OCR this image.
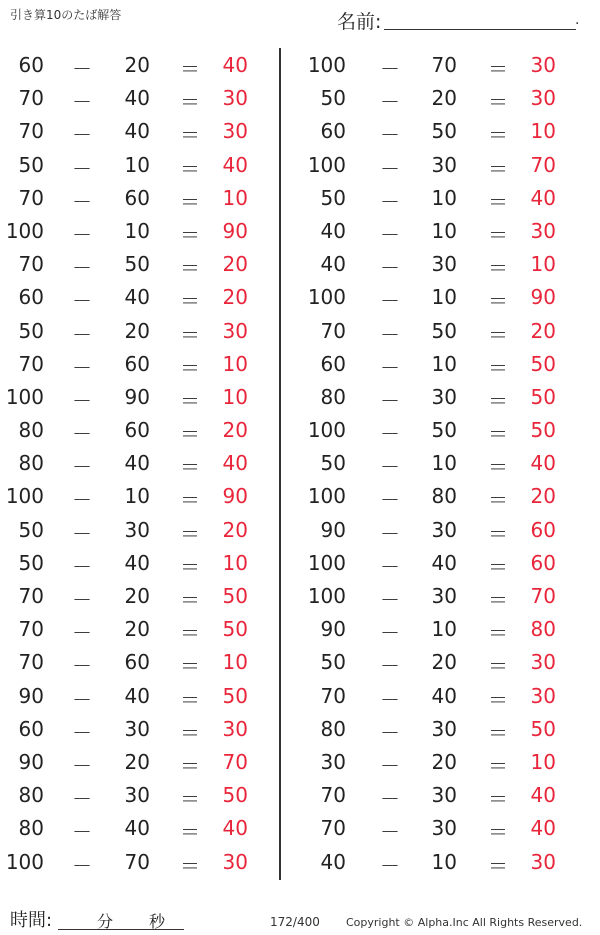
引き算10のたば解答	名前:	.
60 －	20 ＝	40
70 －	40 ＝	30
70 －	40 ＝	30
50 －	10 ＝	40
70 －	60 ＝	10
100 －	10 ＝	90
70 －	50 ＝	20
60 －	40 ＝	20
50 －	20 ＝	30
70 －	60 ＝	10
100 －	90 ＝	10
80 －	60 ＝	20
80 －	40 ＝	40
100 －	10 ＝	90
50 －	30 ＝	20
50 －	40 ＝	10
70 －	20 ＝	50
70 －	20 ＝	50
70 －	60 ＝	10
90 －	40 ＝	50
60 －	30 ＝	30
90 －	20 ＝	70
80 －	30 ＝	50
80 －	40 ＝	40
100 －	70 ＝	30
100 －	70 ＝	30
50 －	20 ＝	30
60 －	50 ＝	10
100 －	30 ＝	70
50 －	10 ＝	40
40 －	10 ＝	30
40 －	30 ＝	10
100 －	10 ＝	90
70 －	50 ＝	20
60 －	10 ＝	50
80 －	30 ＝	50
100 －	50 ＝	50
50 －	10 ＝	40
100 －	80 ＝	20
90 －	30 ＝	60
100 －	40 ＝	60
100 －	30 ＝	70
90 －	10 ＝	80
50 －	20 ＝	30
70 －	40 ＝	30
80 －	30 ＝	50
30 －	20 ＝	10
70 －	30 ＝	40
70 －	30 ＝	40
40 －	10 ＝	30
時間:	分 秒	172/400 Copyright © Alpha.Inc All Rights Reserved.
